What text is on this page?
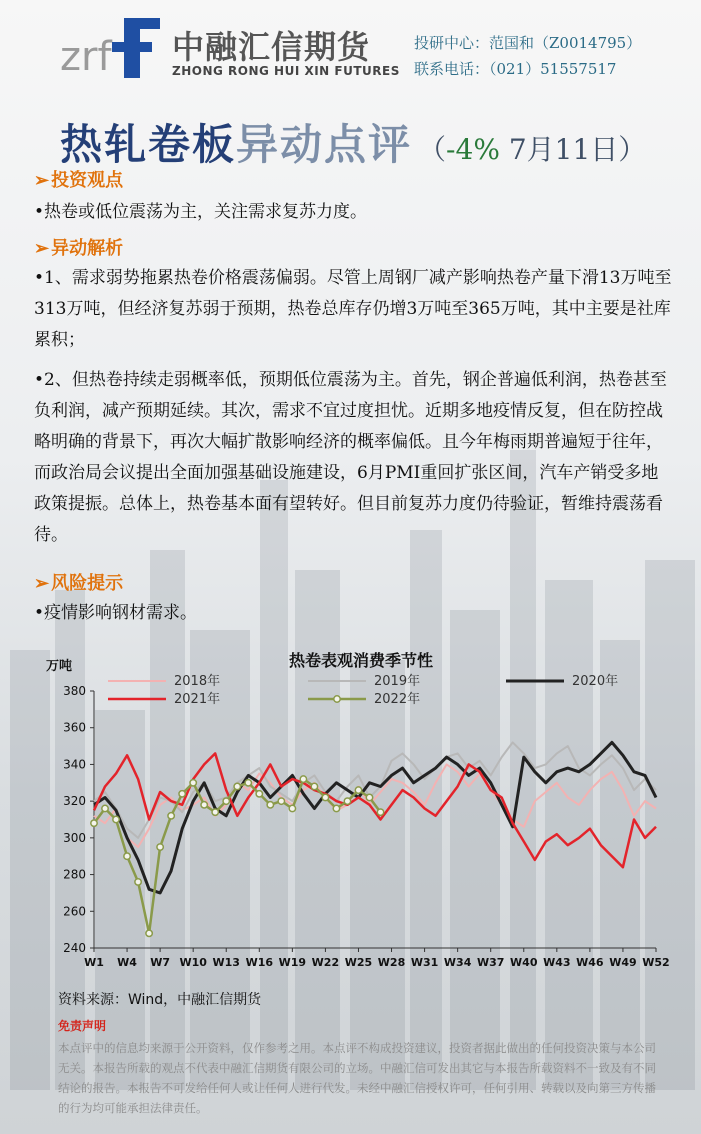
zrf 中融汇信期货
ZHONG RONG HUI XIN FUTURES
投研中心：范国和（Z0014795）
联系电话：（021）51557517
热轧卷板异动点评 （-4% 7月11日）
➢ 投资观点
•热卷或低位震荡为主，关注需求复苏力度。
➢ 异动解析
•1、需求弱势拖累热卷价格震荡偏弱。尽管上周钢厂减产影响热卷产量下滑13万吨至313万吨，但经济复苏弱于预期，热卷总库存仍增3万吨至365万吨，其中主要是社库累积；
•2、但热卷持续走弱概率低，预期低位震荡为主。首先，钢企普遍低利润，热卷甚至负利润，减产预期延续。其次，需求不宜过度担忧。近期多地疫情反复，但在防控战略明确的背景下，再次大幅扩散影响经济的概率偏低。且今年梅雨期普遍短于往年，而政治局会议提出全面加强基础设施建设，6月PMI重回扩张区间，汽车产销受多地政策提振。总体上，热卷基本面有望转好。但目前复苏力度仍待验证，暂维持震荡看待。
➢ 风险提示
•疫情影响钢材需求。
热卷表观消费季节性
万吨
380
360
340
320
300
280
260
240
W1 W4 W7 W10 W13 W16 W19 W22 W25 W28 W31 W34 W37 W40 W43 W46 W49 W52
2018年	2019年	2020年
2021年	2022年
资料来源：Wind，中融汇信期货
免责声明
本点评中的信息均来源于公开资料，仅作参考之用。本点评不构成投资建议，投资者据此做出的任何投资决策与本公司无关。本报告所载的观点不代表中融汇信期货有限公司的立场。中融汇信可发出其它与本报告所载资料不一致及有不同结论的报告。本报告不可发给任何人或让任何人进行代发。未经中融汇信授权许可，任何引用、转载以及向第三方传播的行为均可能承担法律责任。
